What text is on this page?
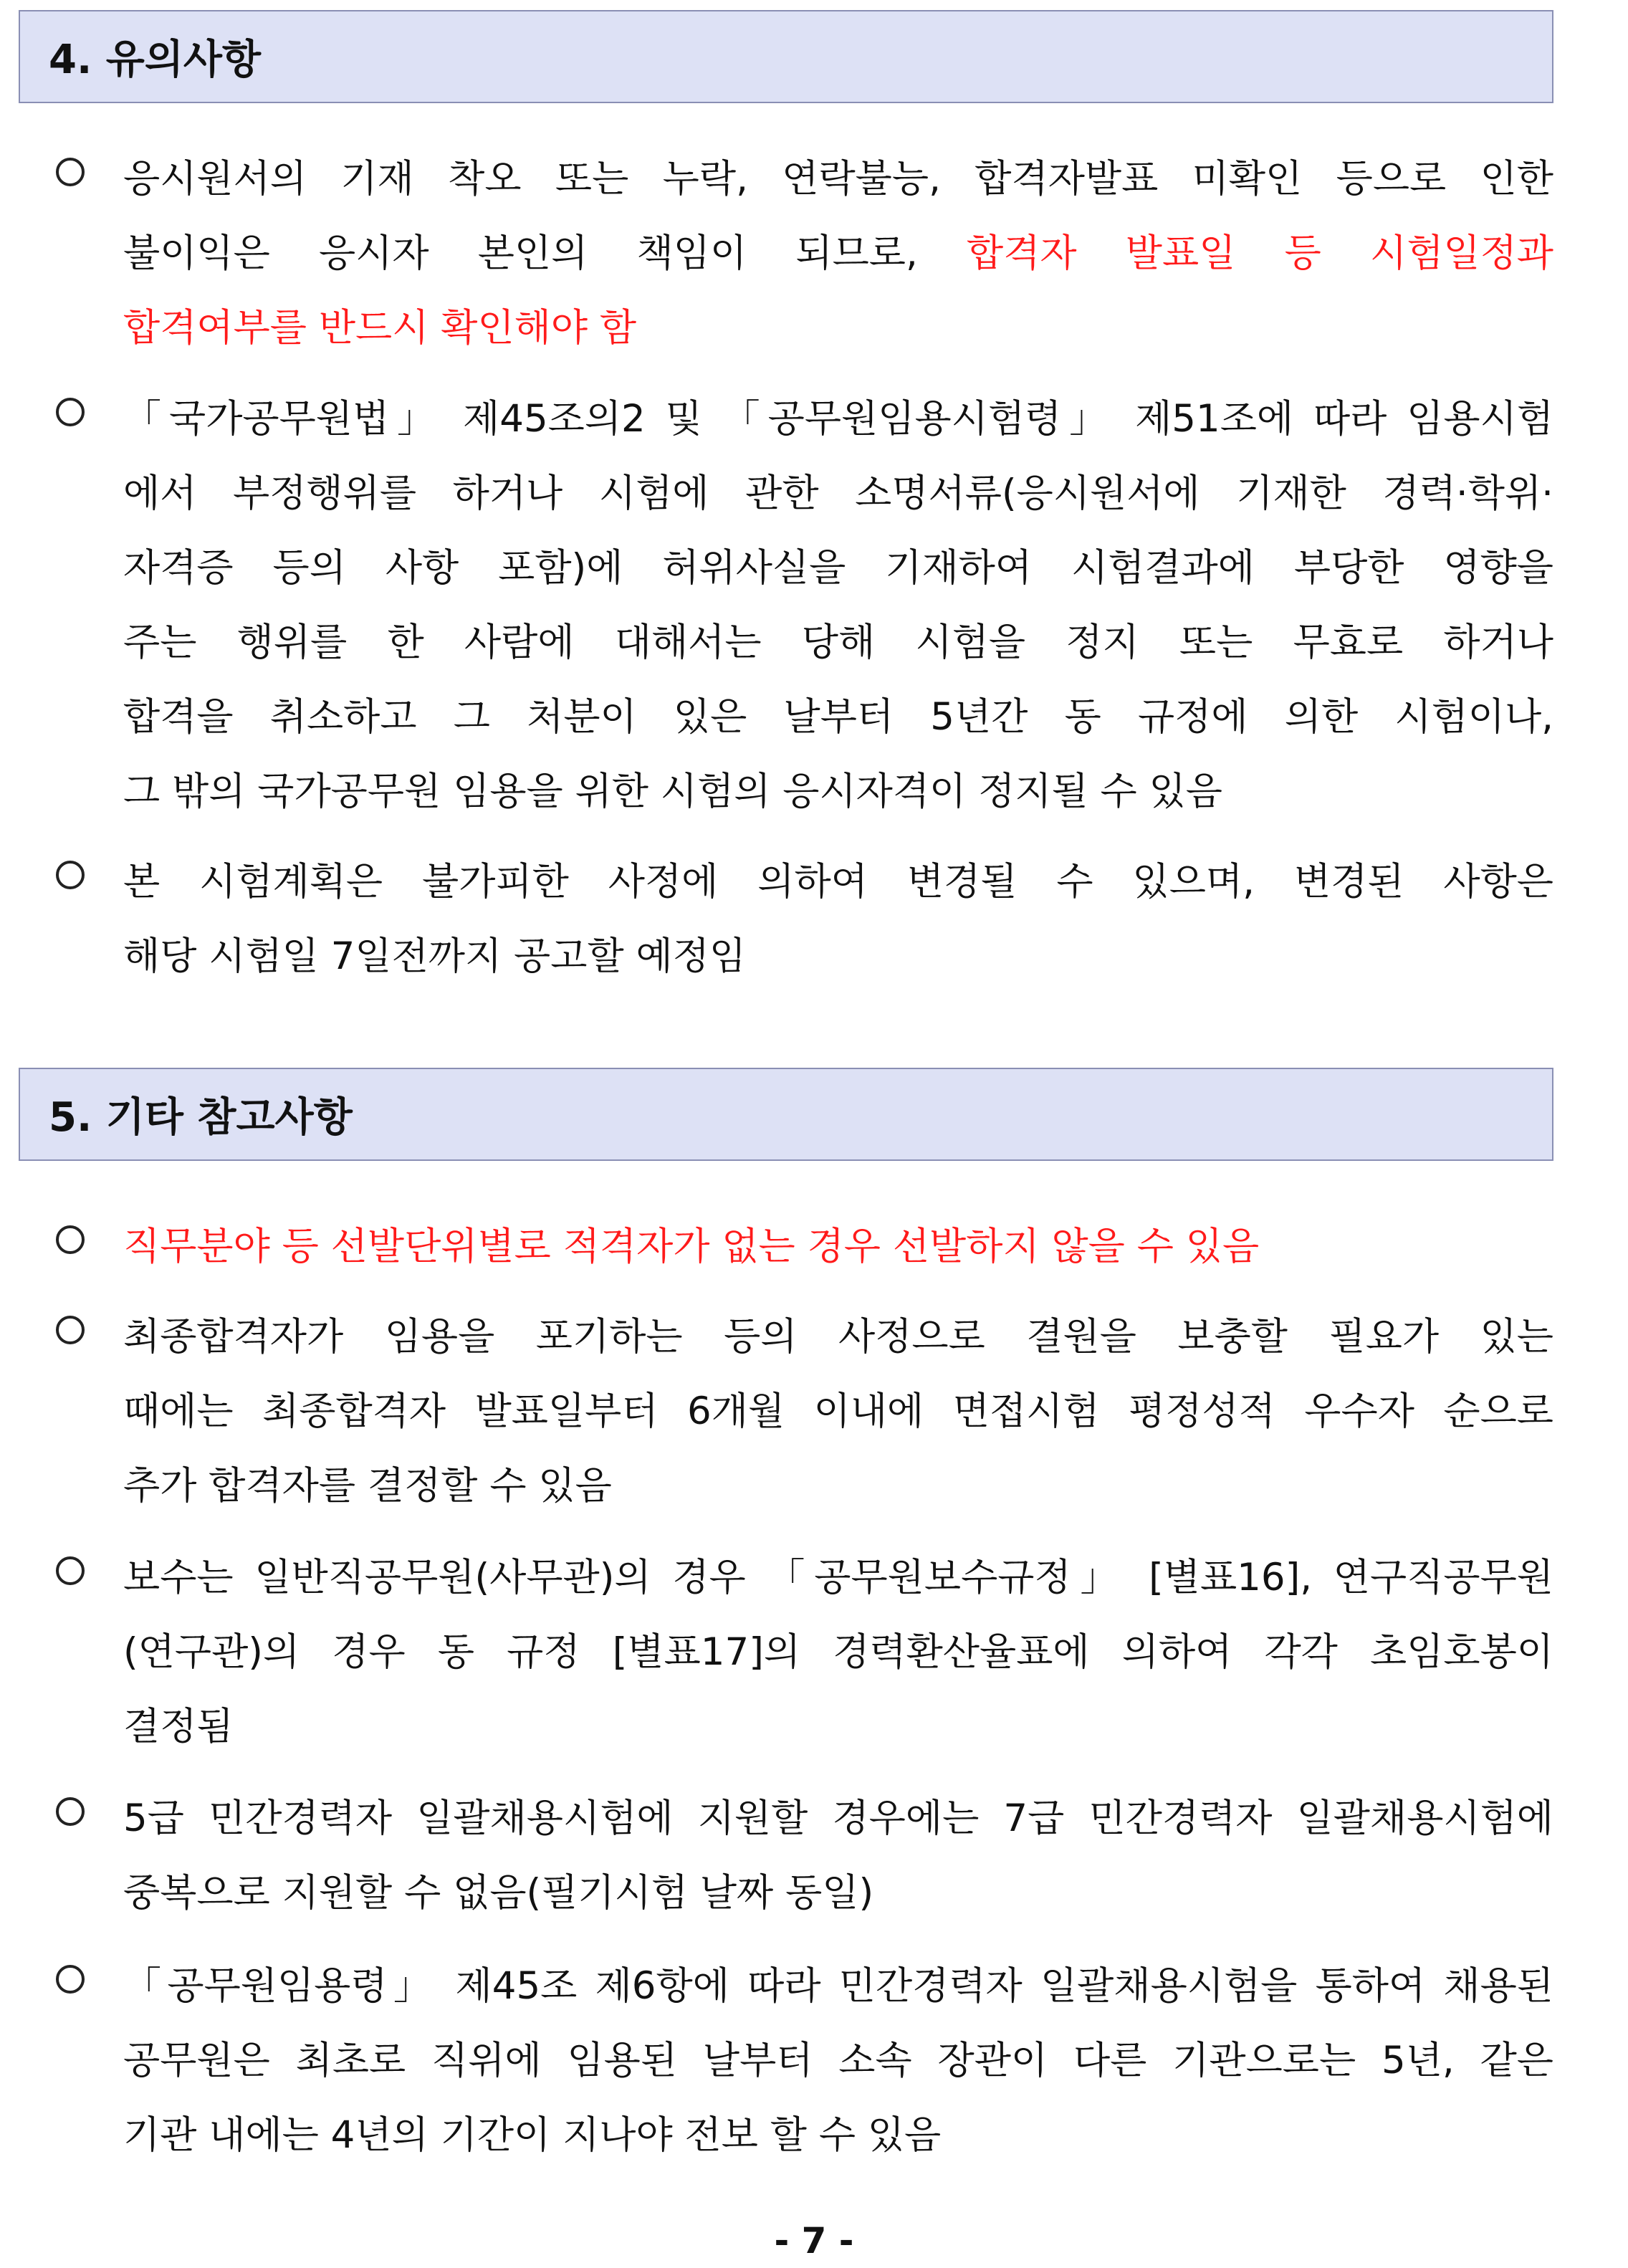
4. 유의사항
응시원서의 기재 착오 또는 누락, 연락불능, 합격자발표 미확인 등으로 인한
불이익은 응시자 본인의 책임이 되므로, 합격자 발표일 등 시험일정과
합격여부를 반드시 확인해야 함
「국가공무원법」 제45조의2 및 「공무원임용시험령」 제51조에 따라 임용시험
에서 부정행위를 하거나 시험에 관한 소명서류(응시원서에 기재한 경력·학위·
자격증 등의 사항 포함)에 허위사실을 기재하여 시험결과에 부당한 영향을
주는 행위를 한 사람에 대해서는 당해 시험을 정지 또는 무효로 하거나
합격을 취소하고 그 처분이 있은 날부터 5년간 동 규정에 의한 시험이나,
그 밖의 국가공무원 임용을 위한 시험의 응시자격이 정지될 수 있음
본 시험계획은 불가피한 사정에 의하여 변경될 수 있으며, 변경된 사항은
해당 시험일 7일전까지 공고할 예정임
5. 기타 참고사항
직무분야 등 선발단위별로 적격자가 없는 경우 선발하지 않을 수 있음
최종합격자가 임용을 포기하는 등의 사정으로 결원을 보충할 필요가 있는
때에는 최종합격자 발표일부터 6개월 이내에 면접시험 평정성적 우수자 순으로
추가 합격자를 결정할 수 있음
보수는 일반직공무원(사무관)의 경우 「공무원보수규정」 [별표16], 연구직공무원
(연구관)의 경우 동 규정 [별표17]의 경력환산율표에 의하여 각각 초임호봉이
결정됨
5급 민간경력자 일괄채용시험에 지원할 경우에는 7급 민간경력자 일괄채용시험에
중복으로 지원할 수 없음(필기시험 날짜 동일)
「공무원임용령」 제45조 제6항에 따라 민간경력자 일괄채용시험을 통하여 채용된
공무원은 최초로 직위에 임용된 날부터 소속 장관이 다른 기관으로는 5년, 같은
기관 내에는 4년의 기간이 지나야 전보 할 수 있음
- 7 -
